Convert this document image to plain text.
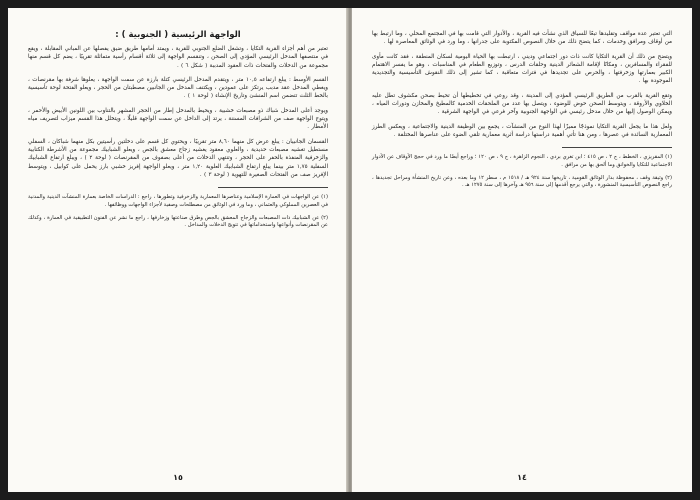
الواجهة الرئيسية ( الجنوبية ) :

تعتبر من أهم أجزاء القرية التكايا ، وتشغل الضلع الجنوبي للقرية ، ويمتد أمامها طريق ضيق يفصلها عن المباني المقابلة ، ويقع في منتصفها المدخل الرئيسي المؤدي إلى الصحن ، وتنقسم الواجهة إلى ثلاثة أقسام رأسية متماثلة تقريبًا ، يضم كل قسم منها مجموعة من الدخلات والفتحات ذات العقود المدببة ( شكل ٦ ) .

القسم الأوسط : يبلغ ارتفاعه ١٠,٥ متر ، ويتقدم المدخل الرئيسي كتلة بارزة عن سمت الواجهة ، يعلوها شرفة بها مقرنصات ، ويغطي المدخل عقد مدبب يرتكز على عمودين ، ويكتنف المدخل من الجانبين مصطبتان من الحجر ، ويعلو الفتحة لوحة تأسيسية بالخط الثلث تتضمن اسم المنشئ وتاريخ الإنشاء ( لوحة ١ ) .

ويوجد أعلى المدخل شباك ذو مصبعات خشبية ، ويحيط بالمدخل إطار من الحجر المشهر بالتناوب بين اللونين الأبيض والأحمر ، ويتوج الواجهة صف من الشرافات المسننة ، يرتد إلى الداخل عن سمت الواجهة قليلًا ، ويتخلل هذا القسم ميزاب لتصريف مياه الأمطار .

القسمان الجانبيان : يبلغ عرض كل منهما ٨,٦٠ متر تقريبًا ، ويحتوي كل قسم على دخلتين رأسيتين بكل منهما شباكان ، السفلي مستطيل تغشيه مصبعات حديدية ، والعلوي معقود يغشيه زجاج معشق بالجص ، ويعلو الشبابيك مجموعة من الأشرطة الكتابية والزخرفية المنفذة بالحفر على الحجر ، وتنتهي الدخلات من أعلى بصفوف من المقرنصات ( لوحة ٢ ) ، ويبلغ ارتفاع الشبابيك السفلية ١,٧٥ متر بينما يبلغ ارتفاع الشبابيك العلوية ١,٢٠ متر ، ويعلو الواجهة إفريز خشبي بارز يحمل على كوابيل ، ويتوسط الإفريز صف من الفتحات الصغيرة للتهوية ( لوحة ٣ ) .

(١) عن الواجهات في العمارة الإسلامية وعناصرها المعمارية والزخرفية وتطورها ، راجع : الدراسات الخاصة بعمارة المنشآت الدينية والمدنية في العصرين المملوكي والعثماني ، وما ورد في الوثائق من مصطلحات وصفية لأجزاء الواجهات ووظائفها .

(٢) عن الشبابيك ذات المصبعات والزجاج المعشق بالجص وطرق صناعتها وزخارفها ، راجع ما نشر عن الفنون التطبيقية في العمارة ، وكذلك عن المقرنصات وأنواعها واستخداماتها في تتويج الدخلات والمداخل .

١٥

التي تعتبر عدة مواقف وتقليدها تبعًا للسياق الذي نشأت فيه القرية ، والأدوار التي قامت بها في المجتمع المحلي ، وما ارتبط بها من أوقاف ومرافق وخدمات ، كما يتضح ذلك من خلال النصوص المكتوبة على جدرانها ، وما ورد في الوثائق المعاصرة لها .

ويتضح من ذلك أن القرية التكايا كانت ذات دور اجتماعي وديني ، ارتبطت بها الحياة اليومية لسكان المنطقة ، فقد كانت مأوى للفقراء والمسافرين ، ومكانًا لإقامة الشعائر الدينية وحلقات الدرس ، وتوزيع الطعام في المناسبات ، وهو ما يفسر الاهتمام الكبير بعمارتها وزخرفتها ، والحرص على تجديدها في فترات متعاقبة ، كما تشير إلى ذلك النقوش التأسيسية والتجديدية الموجودة بها .

وتقع القرية بالقرب من الطريق الرئيسي المؤدي إلى المدينة ، وقد روعي في تخطيطها أن تحيط بصحن مكشوف تطل عليه الخلاوي والأروقة ، ويتوسط الصحن حوض للوضوء ، ويتصل بها عدد من الملحقات الخدمية كالمطبخ والمخازن ودورات المياه ، ويمكن الوصول إليها من خلال مدخل رئيسي في الواجهة الجنوبية وآخر فرعي في الواجهة الشرقية .

ولعل هذا ما يجعل القرية التكايا نموذجًا مميزًا لهذا النوع من المنشآت ، يجمع بين الوظيفة الدينية والاجتماعية ، ويعكس الطرز المعمارية السائدة في عصرها ، ومن هنا تأتي أهمية دراستها دراسة أثرية معمارية تلقي الضوء على عناصرها المختلفة .

(١) المقريزي ، الخطط ، ج ٢ ، ص ٤١٥ ؛ ابن تغري بردي ، النجوم الزاهرة ، ج ٩ ، ص ١٢٠ ؛ وراجع أيضًا ما ورد في حجج الأوقاف عن الأدوار الاجتماعية للتكايا والخوانق وما ألحق بها من مرافق .

(٢) وثيقة وقف ، محفوظة بدار الوثائق القومية ، تاريخها سنة ٩٢٤ هـ / ١٥١٨ م ، سطر ١٢ وما بعده ، وعن تاريخ المنشأة ومراحل تجديدها ، راجع النصوص التأسيسية المنشورة ، والتي يرجع أقدمها إلى سنة ٩٥٦ هـ وآخرها إلى سنة ١٢٧٥ هـ .

١٤
